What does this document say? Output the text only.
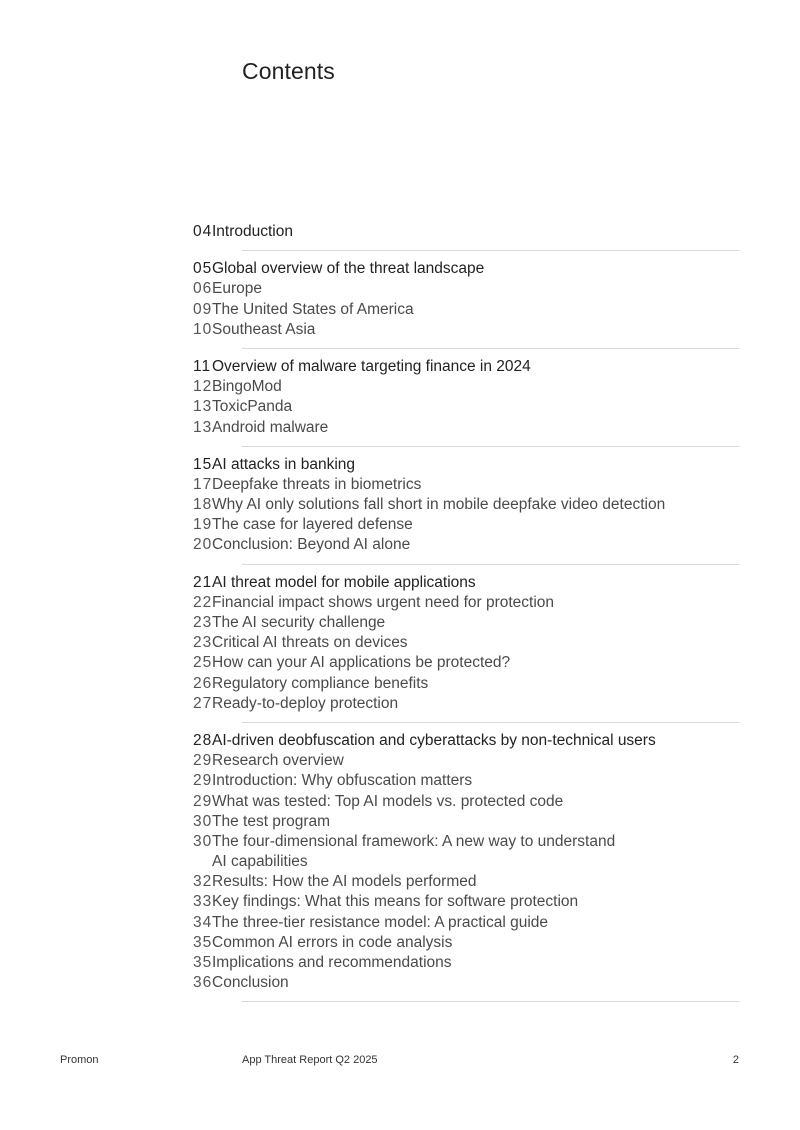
Contents
04 Introduction
05 Global overview of the threat landscape
06 Europe
09 The United States of America
10 Southeast Asia
11 Overview of malware targeting finance in 2024
12 BingoMod
13 ToxicPanda
13 Android malware
15 AI attacks in banking
17 Deepfake threats in biometrics
18 Why AI only solutions fall short in mobile deepfake video detection
19 The case for layered defense
20 Conclusion: Beyond AI alone
21 AI threat model for mobile applications
22 Financial impact shows urgent need for protection
23 The AI security challenge
23 Critical AI threats on devices
25 How can your AI applications be protected?
26 Regulatory compliance benefits
27 Ready-to-deploy protection
28 AI-driven deobfuscation and cyberattacks by non-technical users
29 Research overview
29 Introduction: Why obfuscation matters
29 What was tested: Top AI models vs. protected code
30 The test program
30 The four-dimensional framework: A new way to understand
AI capabilities
32 Results: How the AI models performed
33 Key findings: What this means for software protection
34 The three-tier resistance model: A practical guide
35 Common AI errors in code analysis
35 Implications and recommendations
36 Conclusion
Promon	App Threat Report Q2 2025	2
